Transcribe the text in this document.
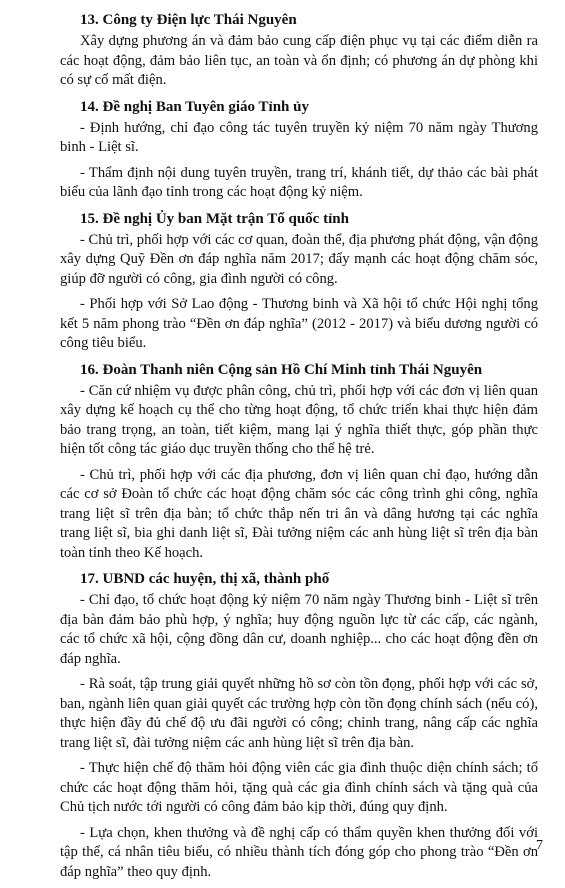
13. Công ty Điện lực Thái Nguyên

Xây dựng phương án và đảm bảo cung cấp điện phục vụ tại các điểm diễn ra các hoạt động, đảm bảo liên tục, an toàn và ổn định; có phương án dự phòng khi có sự cố mất điện.

14. Đề nghị Ban Tuyên giáo Tỉnh ủy

- Định hướng, chỉ đạo công tác tuyên truyền kỷ niệm 70 năm ngày Thương binh - Liệt sĩ.

- Thẩm định nội dung tuyên truyền, trang trí, khánh tiết, dự thảo các bài phát biểu của lãnh đạo tỉnh trong các hoạt động kỷ niệm.

15. Đề nghị Ủy ban Mặt trận Tổ quốc tỉnh

- Chủ trì, phối hợp với các cơ quan, đoàn thể, địa phương phát động, vận động xây dựng Quỹ Đền ơn đáp nghĩa năm 2017; đẩy mạnh các hoạt động chăm sóc, giúp đỡ người có công, gia đình người có công.

- Phối hợp với Sở Lao động - Thương binh và Xã hội tổ chức Hội nghị tổng kết 5 năm phong trào “Đền ơn đáp nghĩa” (2012 - 2017) và biểu dương người có công tiêu biểu.

16. Đoàn Thanh niên Cộng sản Hồ Chí Minh tỉnh Thái Nguyên

- Căn cứ nhiệm vụ được phân công, chủ trì, phối hợp với các đơn vị liên quan xây dựng kế hoạch cụ thể cho từng hoạt động, tổ chức triển khai thực hiện đảm bảo trang trọng, an toàn, tiết kiệm, mang lại ý nghĩa thiết thực, góp phần thực hiện tốt công tác giáo dục truyền thống cho thế hệ trẻ.

- Chủ trì, phối hợp với các địa phương, đơn vị liên quan chỉ đạo, hướng dẫn các cơ sở Đoàn tổ chức các hoạt động chăm sóc các công trình ghi công, nghĩa trang liệt sĩ trên địa bàn; tổ chức thắp nến tri ân và dâng hương tại các nghĩa trang liệt sĩ, bia ghi danh liệt sĩ, Đài tưởng niệm các anh hùng liệt sĩ trên địa bàn toàn tỉnh theo Kế hoạch.

17. UBND các huyện, thị xã, thành phố

- Chỉ đạo, tổ chức hoạt động kỷ niệm 70 năm ngày Thương binh - Liệt sĩ trên địa bàn đảm bảo phù hợp, ý nghĩa; huy động nguồn lực từ các cấp, các ngành, các tổ chức xã hội, cộng đồng dân cư, doanh nghiệp... cho các hoạt động đền ơn đáp nghĩa.

- Rà soát, tập trung giải quyết những hồ sơ còn tồn đọng, phối hợp với các sở, ban, ngành liên quan giải quyết các trường hợp còn tồn đọng chính sách (nếu có), thực hiện đầy đủ chế độ ưu đãi người có công; chỉnh trang, nâng cấp các nghĩa trang liệt sĩ, đài tưởng niệm các anh hùng liệt sĩ trên địa bàn.

- Thực hiện chế độ thăm hỏi động viên các gia đình thuộc diện chính sách; tổ chức các hoạt động thăm hỏi, tặng quà các gia đình chính sách và tặng quà của Chủ tịch nước tới người có công đảm bảo kịp thời, đúng quy định.

- Lựa chọn, khen thưởng và đề nghị cấp có thẩm quyền khen thưởng đối với tập thể, cá nhân tiêu biểu, có nhiều thành tích đóng góp cho phong trào “Đền ơn đáp nghĩa” theo quy định.

7
